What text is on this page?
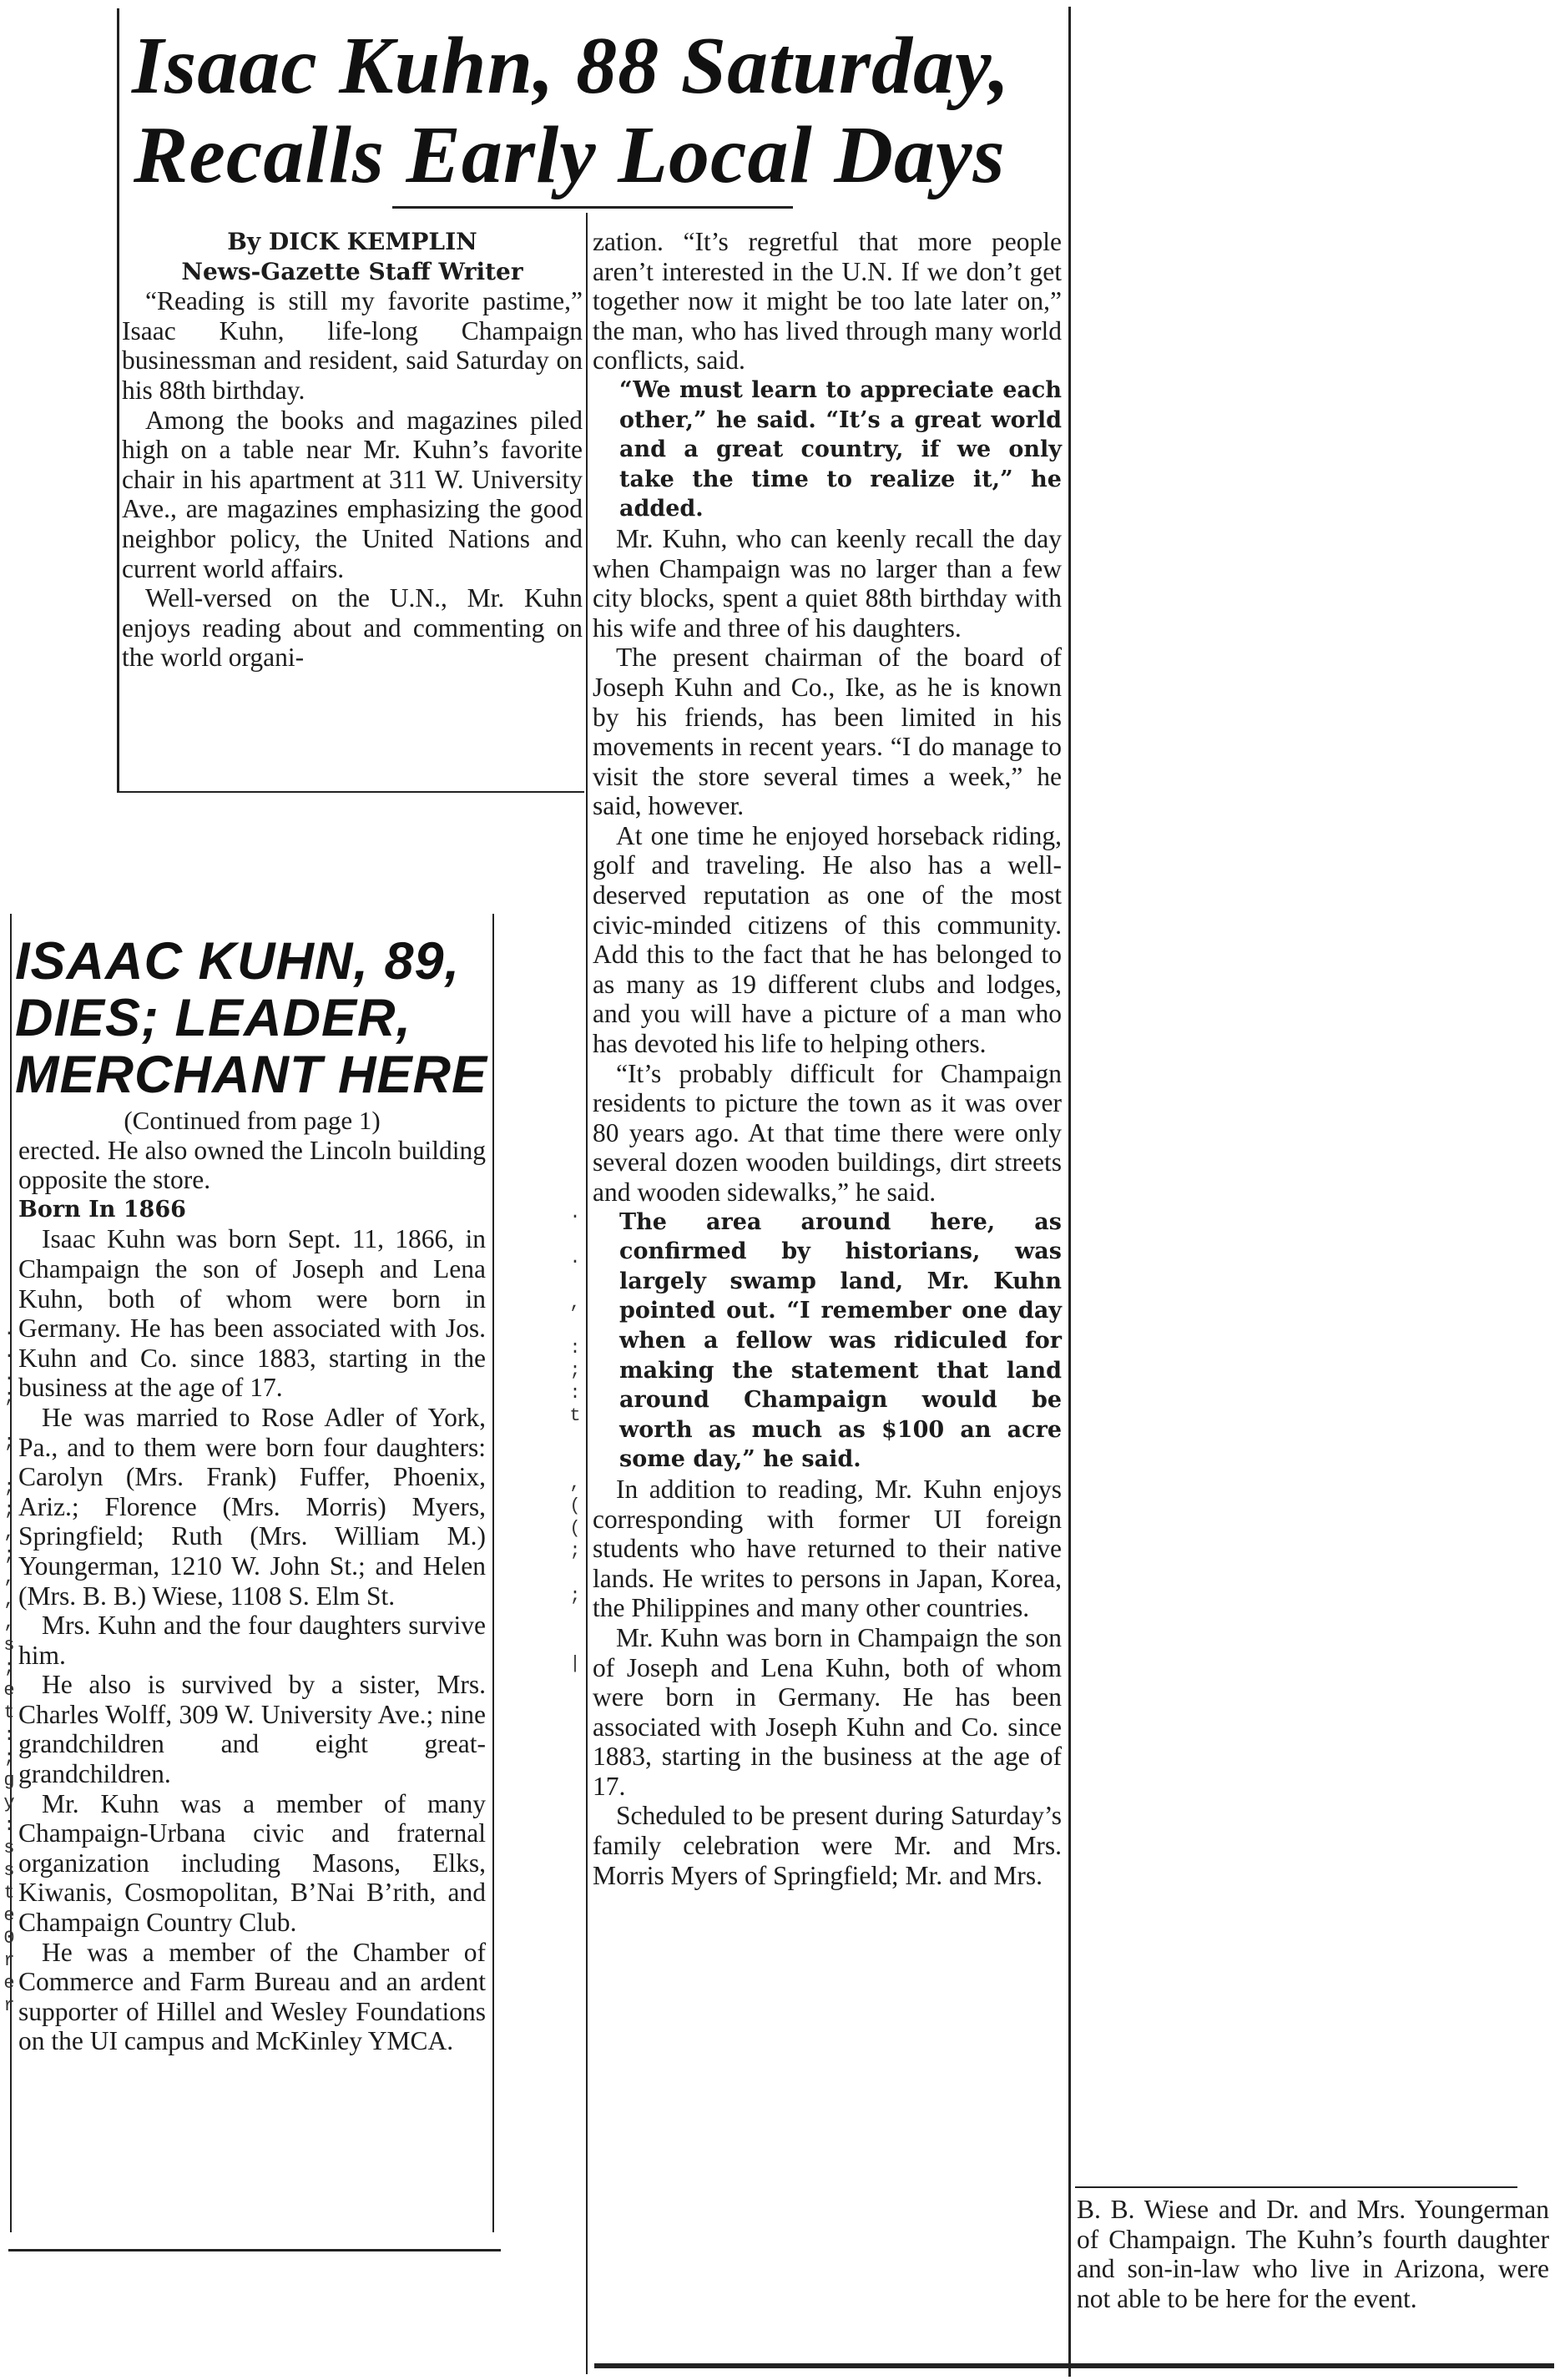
Isaac Kuhn, 88 Saturday,
Recalls Early Local Days
By DICK KEMPLIN
News-Gazette Staff Writer

“Reading is still my favorite pastime,” Isaac Kuhn, life-long Champaign businessman and resident, said Saturday on his 88th birthday.

Among the books and magazines piled high on a table near Mr. Kuhn’s favorite chair in his apartment at 311 W. University Ave., are magazines emphasizing the good neighbor policy, the United Nations and current world affairs.

Well-versed on the U.N., Mr. Kuhn enjoys reading about and commenting on the world organi-

zation. “It’s regretful that more people aren’t interested in the U.N. If we don’t get together now it might be too late later on,” the man, who has lived through many world conflicts, said.

“We must learn to appreciate each other,” he said. “It’s a great world and a great country, if we only take the time to realize it,” he added.

Mr. Kuhn, who can keenly recall the day when Champaign was no larger than a few city blocks, spent a quiet 88th birthday with his wife and three of his daughters.

The present chairman of the board of Joseph Kuhn and Co., Ike, as he is known by his friends, has been limited in his movements in recent years. “I do manage to visit the store several times a week,” he said, however.

At one time he enjoyed horseback riding, golf and traveling. He also has a well-deserved reputation as one of the most civic-minded citizens of this community. Add this to the fact that he has belonged to as many as 19 different clubs and lodges, and you will have a picture of a man who has devoted his life to helping others.

“It’s probably difficult for Champaign residents to picture the town as it was over 80 years ago. At that time there were only several dozen wooden buildings, dirt streets and wooden sidewalks,” he said.

The area around here, as confirmed by historians, was largely swamp land, Mr. Kuhn pointed out. “I remember one day when a fellow was ridiculed for making the statement that land around Champaign would be worth as much as $100 an acre some day,” he said.

In addition to reading, Mr. Kuhn enjoys corresponding with former UI foreign students who have returned to their native lands. He writes to persons in Japan, Korea, the Philippines and many other countries.

Mr. Kuhn was born in Champaign the son of Joseph and Lena Kuhn, both of whom were born in Germany. He has been associated with Joseph Kuhn and Co. since 1883, starting in the business at the age of 17.

Scheduled to be present during Saturday’s family celebration were Mr. and Mrs. Morris Myers of Springfield; Mr. and Mrs.

B. B. Wiese and Dr. and Mrs. Youngerman of Champaign. The Kuhn’s fourth daughter and son-in-law who live in Arizona, were not able to be here for the event.

ISAAC KUHN, 89,
DIES; LEADER,
MERCHANT HERE
(Continued from page 1)

erected. He also owned the Lincoln building opposite the store.

Born In 1866

Isaac Kuhn was born Sept. 11, 1866, in Champaign the son of Joseph and Lena Kuhn, both of whom were born in Germany. He has been associated with Jos. Kuhn and Co. since 1883, starting in the business at the age of 17.

He was married to Rose Adler of York, Pa., and to them were born four daughters: Carolyn (Mrs. Frank) Fuffer, Phoenix, Ariz.; Florence (Mrs. Morris) Myers, Springfield; Ruth (Mrs. William M.) Youngerman, 1210 W. John St.; and Helen (Mrs. B. B.) Wiese, 1108 S. Elm St.

Mrs. Kuhn and the four daughters survive him.

He also is survived by a sister, Mrs. Charles Wolff, 309 W. University Ave.; nine grandchildren and eight great-grandchildren.

Mr. Kuhn was a member of many Champaign-Urbana civic and fraternal organization including Masons, Elks, Kiwanis, Cosmopolitan, B’Nai B’rith, and Champaign Country Club.

He was a member of the Chamber of Commerce and Farm Bureau and an ardent supporter of Hillel and Wesley Foundations on the UI campus and McKinley YMCA.

.
.
.
;

;

;
;
,
;
,
,
,
s
;
e
t
:
;
g
y
:
s
s
t
e
0
r
e
r
.

.

,

:
;
:
t

,
(
(
;

;

|
